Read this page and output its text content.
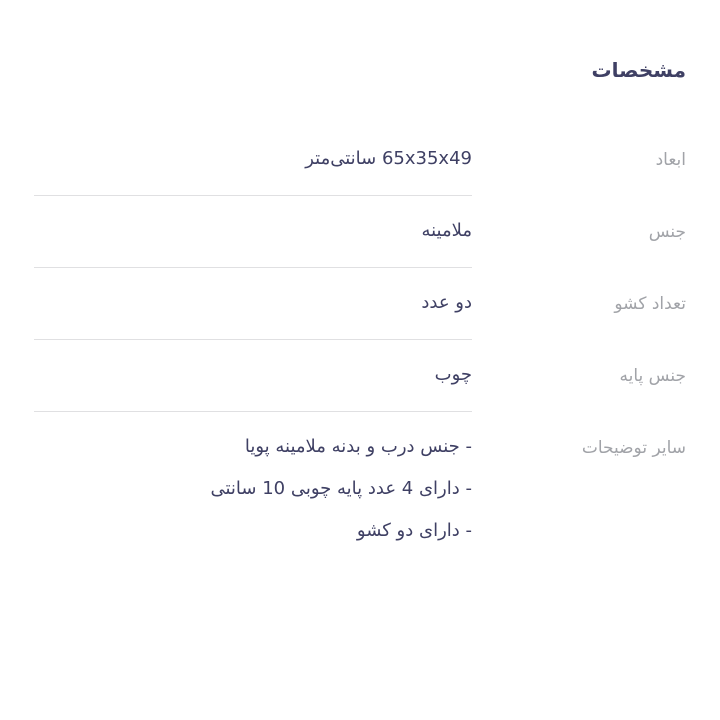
مشخصات
ابعاد
65x35x49 سانتی‌متر
جنس
ملامینه
تعداد کشو
دو عدد
جنس پایه
چوب
سایر توضیحات
- جنس درب و بدنه ملامینه پویا
- دارای 4 عدد پایه چوبی 10 سانتی
- دارای دو کشو
